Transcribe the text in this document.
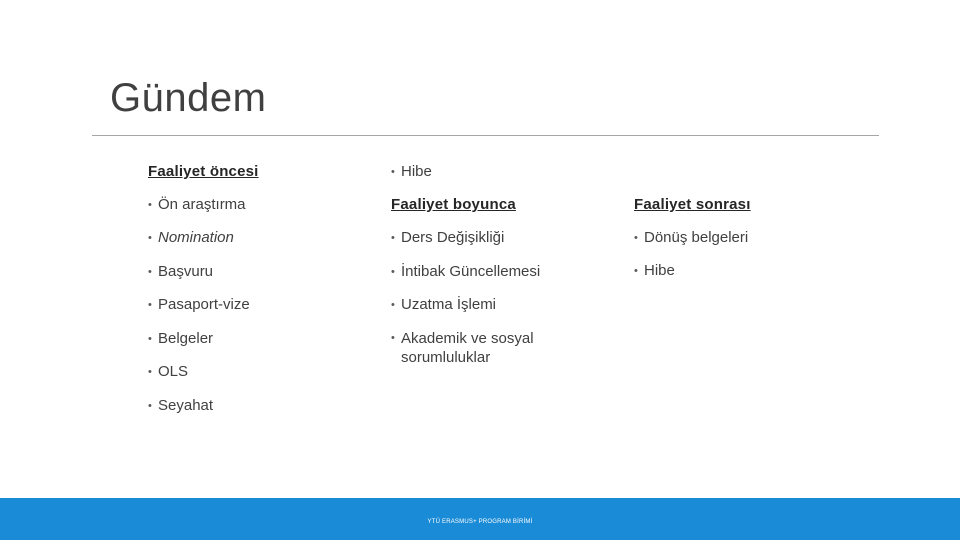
Gündem
Faaliyet öncesi
• Ön araştırma
• Nomination
• Başvuru
• Pasaport-vize
• Belgeler
• OLS
• Seyahat
• Hibe
Faaliyet boyunca
• Ders Değişikliği
• İntibak Güncellemesi
• Uzatma İşlemi
• Akademik ve sosyal sorumluluklar
Faaliyet sonrası
• Dönüş belgeleri
• Hibe
YTÜ ERASMUS+ PROGRAM BİRİMİ
